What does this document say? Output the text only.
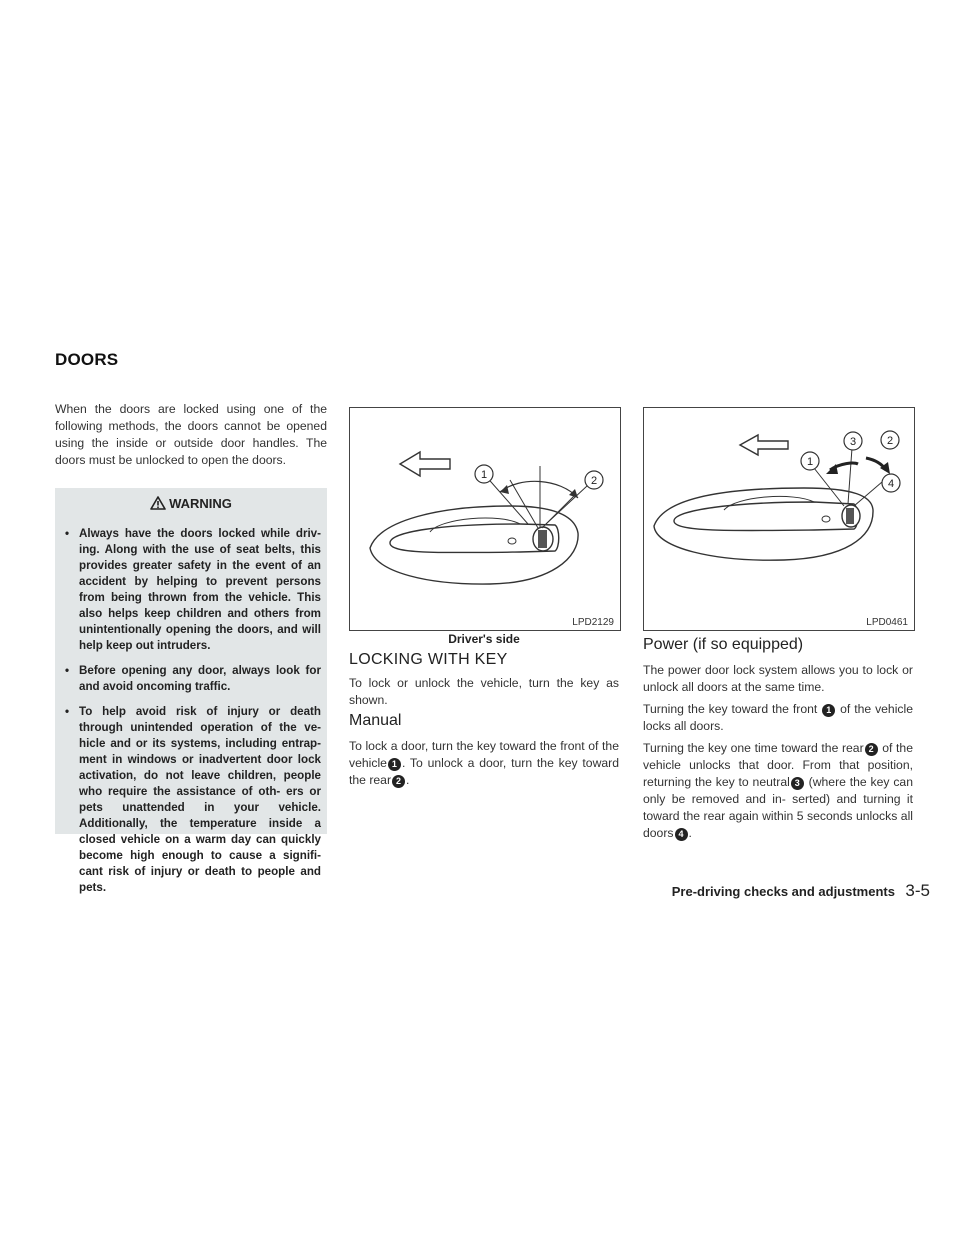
DOORS
When the doors are locked using one of the following methods, the doors cannot be opened using the inside or outside door handles. The doors must be unlocked to open the doors.
WARNING
• Always have the doors locked while driv- ing. Along with the use of seat belts, this provides greater safety in the event of an accident by helping to prevent persons from being thrown from the vehicle. This also helps keep children and others from unintentionally opening the doors, and will help keep out intruders.
• Before opening any door, always look for and avoid oncoming traffic.
• To help avoid risk of injury or death through unintended operation of the ve- hicle and or its systems, including entrap- ment in windows or inadvertent door lock activation, do not leave children, people who require the assistance of oth- ers or pets unattended in your vehicle. Additionally, the temperature inside a closed vehicle on a warm day can quickly become high enough to cause a signifi- cant risk of injury or death to people and pets.
1	2
LPD2129
Driver's side
LOCKING WITH KEY
To lock or unlock the vehicle, turn the key as shown.
Manual
To lock a door, turn the key toward the front of the vehicle 1 . To unlock a door, turn the key toward the rear 2 .
1
2
3
4
LPD0461
Power (if so equipped)
The power door lock system allows you to lock or unlock all doors at the same time.
Turning the key toward the front 1 of the vehicle locks all doors.
Turning the key one time toward the rear 2 of the vehicle unlocks that door. From that position, returning the key to neutral 3 (where the key can only be removed and in- serted) and turning it toward the rear again within 5 seconds unlocks all doors 4 .
Pre-driving checks and adjustments 3-5
